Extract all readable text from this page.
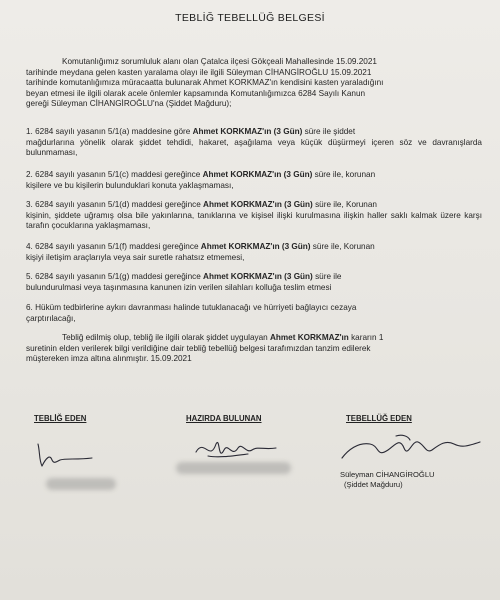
TEBLİĞ TEBELLÜĞ BELGESİ
Komutanlığımız sorumluluk alanı olan Çatalca ilçesi Gökçeali Mahallesinde 15.09.2021
tarihinde meydana gelen kasten yaralama olayı ile ilgili Süleyman CİHANGİROĞLU 15.09.2021
tarihinde komutanlığımıza müracaatta bulunarak Ahmet KORKMAZ'ın kendisini kasten yaraladığını
beyan etmesi ile ilgili olarak acele önlemler kapsamında Komutanlığımızca 6284 Sayılı Kanun
gereği Süleyman CİHANGİROĞLU'na (Şiddet Mağduru);
1. 6284 sayılı yasanın 5/1(a) maddesine göre Ahmet KORKMAZ'ın (3 Gün) süre ile şiddet
mağdurlarına yönelik olarak şiddet tehdidi, hakaret, aşağılama veya küçük düşürmeyi içeren söz ve davranışlarda bulunmaması,
2. 6284 sayılı yasanın 5/1(c) maddesi gereğince Ahmet KORKMAZ'ın (3 Gün) süre ile, korunan
kişilere ve bu kişilerin bulunduklari konuta yaklaşmaması,
3. 6284 sayılı yasanın 5/1(d) maddesi gereğince Ahmet KORKMAZ'ın (3 Gün) süre ile, Korunan
kişinin, şiddete uğramış olsa bile yakınlarına, tanıklarına ve kişisel ilişki kurulmasına ilişkin haller saklı kalmak üzere karşı tarafın çocuklarına yaklaşmaması,
4. 6284 sayılı yasanın 5/1(f) maddesi gereğince Ahmet KORKMAZ'ın (3 Gün) süre ile, Korunan
kişiyi iletişim araçlarıyla veya sair suretle rahatsız etmemesi,
5. 6284 sayılı yasanın 5/1(g) maddesi gereğince Ahmet KORKMAZ'ın (3 Gün) süre ile
bulundurulmasi veya taşınmasına kanunen izin verilen silahları kolluğa teslim etmesi
6. Hüküm tedbirlerine aykırı davranması halinde tutuklanacağı ve hürriyeti bağlayıcı cezaya
çarptırılacağı,
Tebliğ edilmiş olup, tebliğ ile ilgili olarak şiddet uygulayan Ahmet KORKMAZ'ın kararın 1
suretinin elden verilerek bilgi verildiğine dair tebliğ tebellüğ belgesi tarafımızdan tanzim edilerek
müştereken imza altına alınmıştır. 15.09.2021
TEBLİĞ EDEN	HAZIRDA BULUNAN	TEBELLÜĞ EDEN
Süleyman CİHANGİROĞLU
(Şiddet Mağduru)
